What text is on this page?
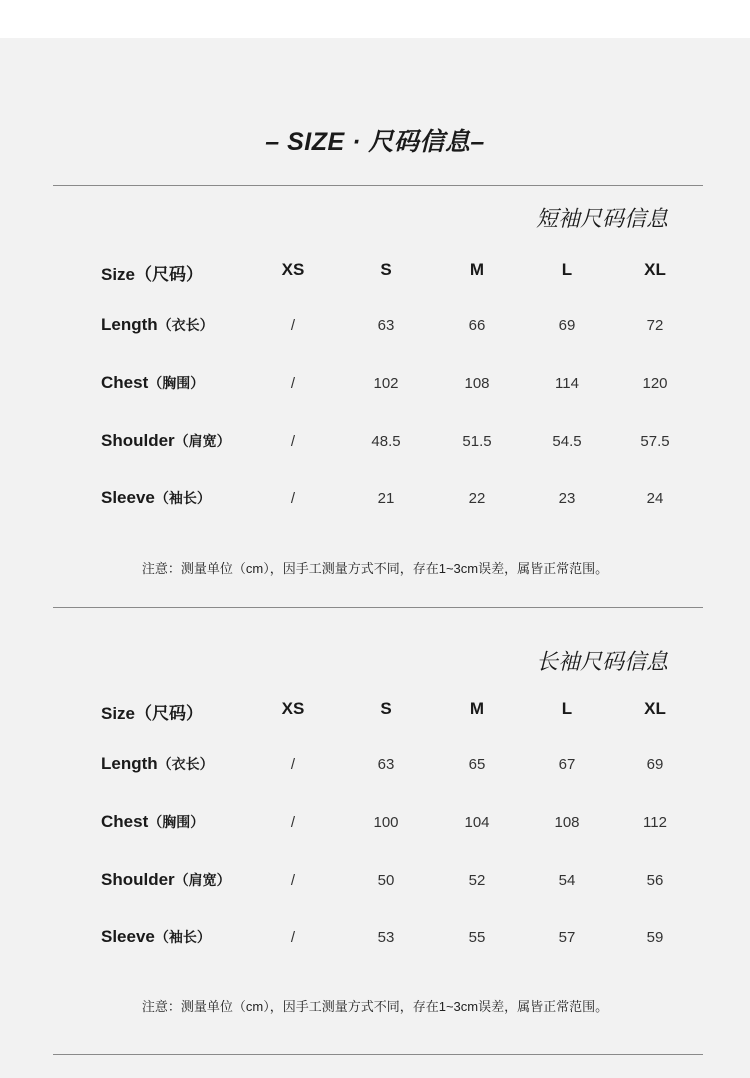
– SIZE · 尺码信息–
短袖尺码信息
Size（尺码）	XS	S	M	L	XL
Length（衣长）	/	63	66	69	72
Chest（胸围）	/	102	108	114	120
Shoulder（肩宽）	/	48.5	51.5	54.5	57.5
Sleeve（袖长）	/	21	22	23	24
注意：测量单位（cm），因手工测量方式不同，存在1~3cm误差，属皆正常范围。
长袖尺码信息
Size（尺码）	XS	S	M	L	XL
Length（衣长）	/	63	65	67	69
Chest（胸围）	/	100	104	108	112
Shoulder（肩宽）	/	50	52	54	56
Sleeve（袖长）	/	53	55	57	59
注意：测量单位（cm），因手工测量方式不同，存在1~3cm误差，属皆正常范围。
